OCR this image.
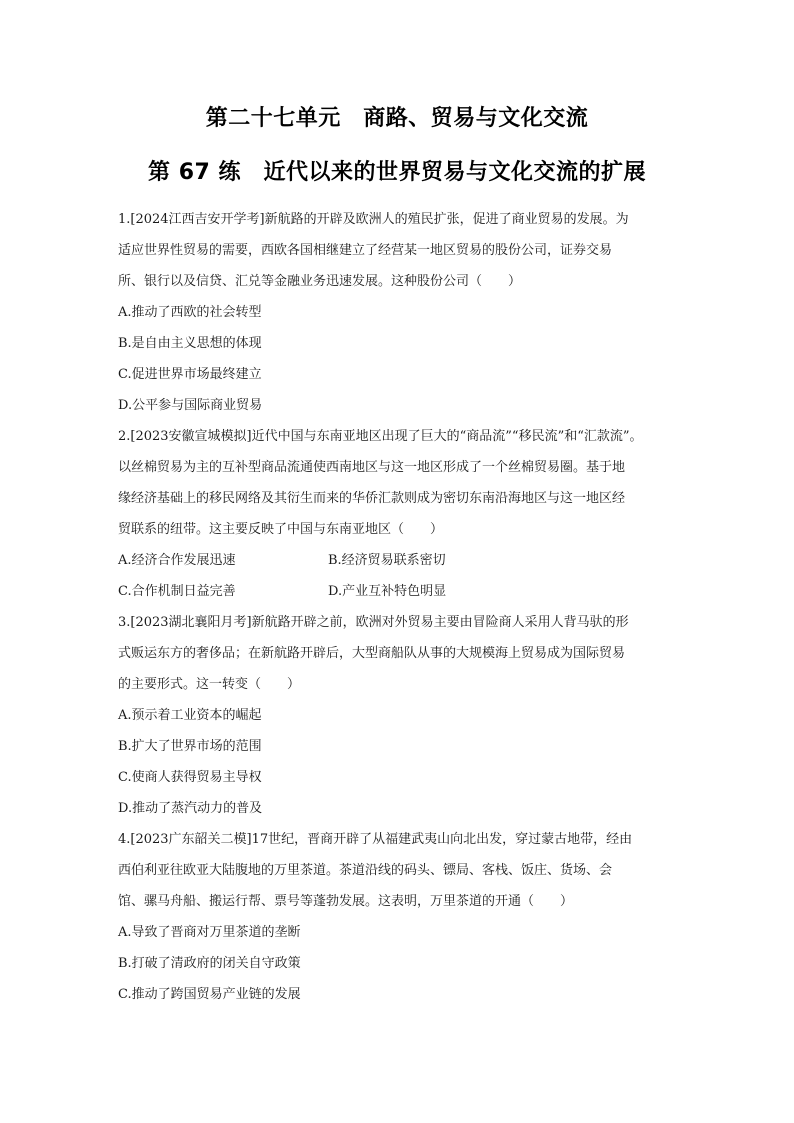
第二十七单元　商路、贸易与文化交流
第 67 练　近代以来的世界贸易与文化交流的扩展
1.[2024江西吉安开学考]新航路的开辟及欧洲人的殖民扩张，促进了商业贸易的发展。为
适应世界性贸易的需要，西欧各国相继建立了经营某一地区贸易的股份公司，证券交易
所、银行以及信贷、汇兑等金融业务迅速发展。这种股份公司（　　）
A.推动了西欧的社会转型
B.是自由主义思想的体现
C.促进世界市场最终建立
D.公平参与国际商业贸易
2.[2023安徽宣城模拟]近代中国与东南亚地区出现了巨大的“商品流”“移民流”和“汇款流”。
以丝棉贸易为主的互补型商品流通使西南地区与这一地区形成了一个丝棉贸易圈。基于地
缘经济基础上的移民网络及其衍生而来的华侨汇款则成为密切东南沿海地区与这一地区经
贸联系的纽带。这主要反映了中国与东南亚地区（　　）
A.经济合作发展迅速	B.经济贸易联系密切
C.合作机制日益完善	D.产业互补特色明显
3.[2023湖北襄阳月考]新航路开辟之前，欧洲对外贸易主要由冒险商人采用人背马驮的形
式贩运东方的奢侈品；在新航路开辟后，大型商船队从事的大规模海上贸易成为国际贸易
的主要形式。这一转变（　　）
A.预示着工业资本的崛起
B.扩大了世界市场的范围
C.使商人获得贸易主导权
D.推动了蒸汽动力的普及
4.[2023广东韶关二模]17世纪，晋商开辟了从福建武夷山向北出发，穿过蒙古地带，经由
西伯利亚往欧亚大陆腹地的万里茶道。茶道沿线的码头、镖局、客栈、饭庄、货场、会
馆、骡马舟船、搬运行帮、票号等蓬勃发展。这表明，万里茶道的开通（　　）
A.导致了晋商对万里茶道的垄断
B.打破了清政府的闭关自守政策
C.推动了跨国贸易产业链的发展
